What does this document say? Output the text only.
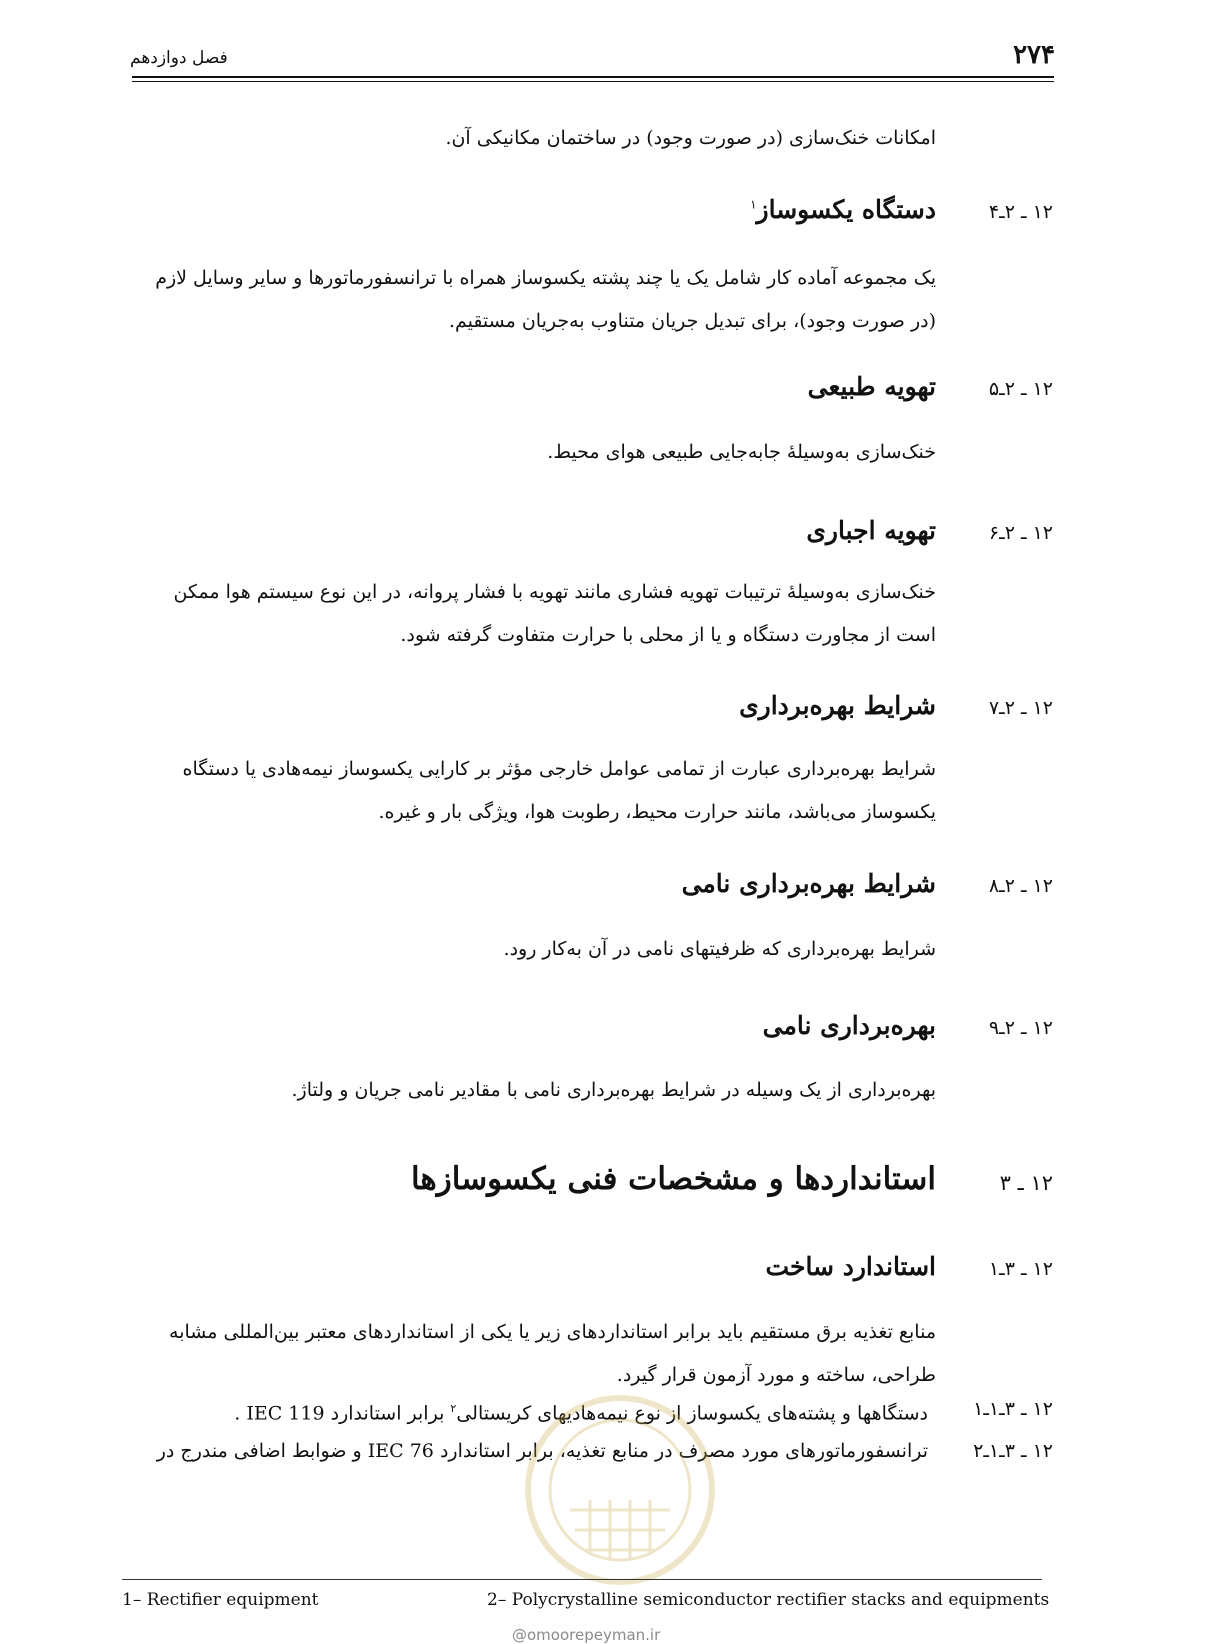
۲۷۴
فصل دوازدهم
امکانات خنک‌سازی (در صورت وجود) در ساختمان مکانیکی آن.
۱۲ ـ ۲ـ۴
دستگاه یکسوساز$^۱$
یک مجموعه آماده کار شامل یک یا چند پشته یکسوساز همراه با ترانسفورماتورها و سایر وسایل لازم (در صورت وجود)، برای تبدیل جریان متناوب به‌جریان مستقیم.
۱۲ ـ ۲ـ۵
تهویه طبیعی
خنک‌سازی به‌وسیلهٔ جابه‌جایی طبیعی هوای محیط.
۱۲ ـ ۲ـ۶
تهویه اجباری
خنک‌سازی به‌وسیلهٔ ترتیبات تهویه فشاری مانند تهویه با فشار پروانه، در این نوع سیستم هوا ممکن است از مجاورت دستگاه و یا از محلی با حرارت متفاوت گرفته شود.
۱۲ ـ ۲ـ۷
شرایط بهره‌برداری
شرایط بهره‌برداری عبارت از تمامی عوامل خارجی مؤثر بر کارایی یکسوساز نیمه‌هادی یا دستگاه یکسوساز می‌باشد، مانند حرارت محیط، رطوبت هوا، ویژگی بار و غیره.
۱۲ ـ ۲ـ۸
شرایط بهره‌برداری نامی
شرایط بهره‌برداری که ظرفیتهای نامی در آن به‌کار رود.
۱۲ ـ ۲ـ۹
بهره‌برداری نامی
بهره‌برداری از یک وسیله در شرایط بهره‌برداری نامی با مقادیر نامی جریان و ولتاژ.
۱۲ ـ ۳
استانداردها و مشخصات فنی یکسوسازها
۱۲ ـ ۳ـ۱
استاندارد ساخت
منابع تغذیه برق مستقیم باید برابر استانداردهای زیر یا یکی از استانداردهای معتبر بین‌المللی مشابه طراحی، ساخته و مورد آزمون قرار گیرد.
۱۲ ـ ۳ـ۱ـ۱
دستگاهها و پشته‌های یکسوساز از نوع نیمه‌هادیهای کریستالی$^۲$ برابر استاندارد IEC 119 .
۱۲ ـ ۳ـ۱ـ۲
ترانسفورماتورهای مورد مصرف در منابع تغذیه، برابر استاندارد IEC 76 و ضوابط اضافی مندرج در
1– Rectifier equipment	2– Polycrystalline semiconductor rectifier stacks and equipments
@omoorepeyman.ir
